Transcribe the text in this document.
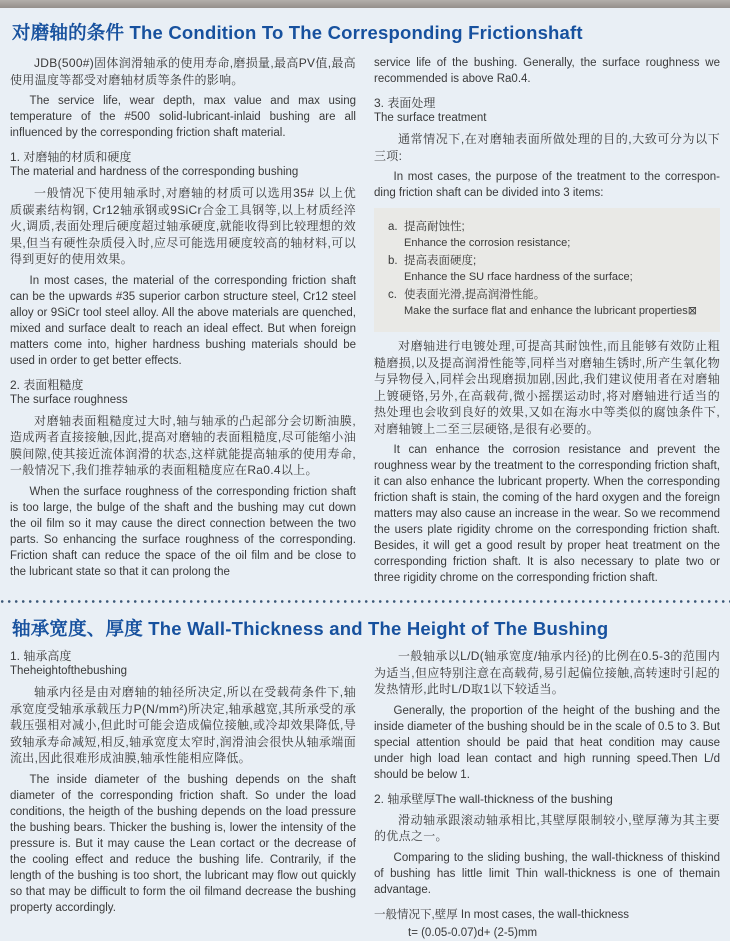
对磨轴的条件 The Condition To The Corresponding Frictionshaft

JDB(500#)固体润滑轴承的使用寿命,磨损量,最高PV值,最高使用温度等都受对磨轴材质等条件的影响。

The service life, wear depth, max value and max using temperature of the #500 solid-lubricant-inlaid bushing are all influenced by the corresponding friction shaft material.

1. 对磨轴的材质和硬度
The material and hardness of the corresponding bushing

一般情况下使用轴承时,对磨轴的材质可以选用35# 以上优质碳素结构钢, Cr12轴承钢或9SiCr合金工具钢等,以上材质经淬火,调质,表面处理后硬度超过轴承硬度,就能收得到比较理想的效果,但当有硬性杂质侵入时,应尽可能选用硬度较高的轴材料,可以得到更好的使用效果。

In most cases, the material of the corresponding friction shaft can be the upwards #35 superior carbon structure steel, Cr12 steel alloy or 9SiCr tool steel alloy. All the above materials are quenched, mixed and surface dealt to reach an ideal effect. But when foreign matters come into, higher hardness bushing materials should be used in order to get better effects.

2. 表面粗糙度
The surface roughness

对磨轴表面粗糙度过大时,轴与轴承的凸起部分会切断油膜,造成两者直接接触,因此,提高对磨轴的表面粗糙度,尽可能缩小油膜间隙,使其接近流体润滑的状态,这样就能提高轴承的使用寿命,一般情况下,我们推荐轴承的表面粗糙度应在Ra0.4以上。

When the surface roughness of the corresponding friction shaft is too large, the bulge of the shaft and the bushing may cut down the oil film so it may cause the direct connection between the two parts. So enhancing the surface roughness of the corresponding. Friction shaft can reduce the space of the oil film and be close to the lubricant state so that it can prolong the

service life of the bushing. Generally, the surface roughness we recommended is above Ra0.4.

3. 表面处理
The surface treatment

通常情况下,在对磨轴表面所做处理的目的,大致可分为以下三项:

In most cases, the purpose of the treatment to the correspon-ding friction shaft can be divided into 3 items:

a. 提高耐蚀性;
Enhance the corrosion resistance;
b. 提高表面硬度;
Enhance the SU rface hardness of the surface;
c. 使表面光滑,提高润滑性能。
Make the surface flat and enhance the lubricant properties⊠

对磨轴进行电镀处理,可提高其耐蚀性,而且能够有效防止粗糙磨损,以及提高润滑性能等,同样当对磨轴生锈时,所产生氧化物与异物侵入,同样会出现磨损加剧,因此,我们建议使用者在对磨轴上镀硬铬,另外,在高载荷,微小摇摆运动时,将对磨轴进行适当的热处理也会收到良好的效果,又如在海水中等类似的腐蚀条件下,对磨轴镀上二至三层硬铬,是很有必要的。

It can enhance the corrosion resistance and prevent the roughness wear by the treatment to the corresponding friction shaft, it can also enhance the lubricant property. When the corresponding friction shaft is stain, the coming of the hard oxygen and the foreign matters may also cause an increase in the wear. So we recommend the users plate rigidity chrome on the corresponding friction shaft. Besides, it will get a good result by proper heat treatment on the corresponding friction shaft. It is also necessary to plate two or three rigidity chrome on the corresponding friction shaft.

轴承宽度、厚度 The Wall-Thickness and The Height of The Bushing
1. 轴承高度
Theheightofthebushing

轴承内径是由对磨轴的轴径所决定,所以在受载荷条件下,轴承宽度受轴承承载压力P(N/mm²)所决定,轴承越宽,其所承受的承载压强相对减小,但此时可能会造成偏位接触,或冷却效果降低,导致轴承寿命减短,相反,轴承宽度太窄时,润滑油会很快从轴承端面流出,因此很难形成油膜,轴承性能相应降低。

The inside diameter of the bushing depends on the shaft diameter of the corresponding friction shaft. So under the load conditions, the heigth of the bushing depends on the load pressure the bushing bears. Thicker the bushing is, lower the intensity of the pressure is. But it may cause the Lean cortact or the decrease of the cooling effect and reduce the bushing life. Contrarily, if the length of the bushing is too short, the lubricant may flow out quickly so that may be difficult to form the oil filmand decrease the bushing property accordingly.

一般轴承以L/D(轴承宽度/轴承内径)的比例在0.5-3的范围内为适当,但应特别注意在高载荷,易引起偏位接触,高转速时引起的发热情形,此时L/D取1以下较适当。

Generally, the proportion of the height of the bushing and the inside diameter of the bushing should be in the scale of 0.5 to 3. But special attention should be paid that heat condition may cause under high load lean contact and high running speed.Then L/d should be below 1.

2. 轴承壁厚The wall-thickness of the bushing

滑动轴承跟滚动轴承相比,其壁厚限制较小,壁厚薄为其主要的优点之一。

Comparing to the sliding bushing, the wall-thickness of thiskind of bushing has little limit Thin wall-thickness is one of themain advantage.

一般情况下,壁厚 In most cases, the wall-thickness

t= (0.05-0.07)d+ (2-5)mm
